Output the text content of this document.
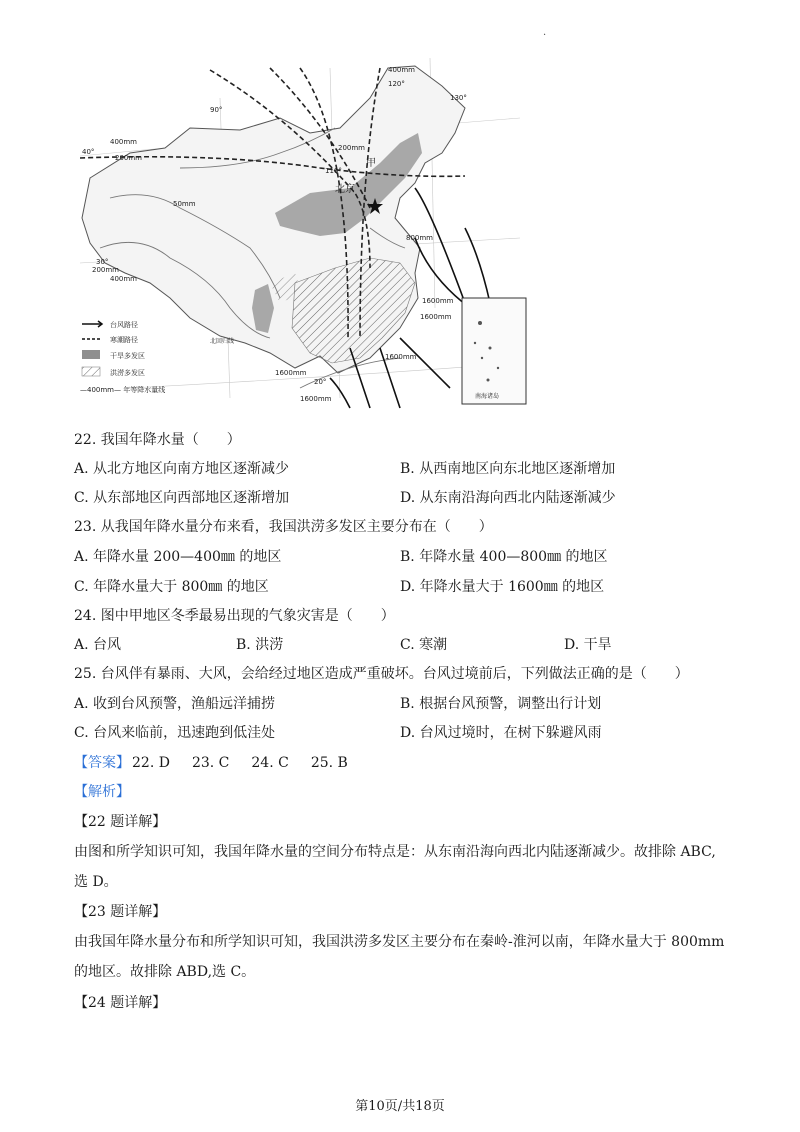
·
台风路径
寒潮路径
干旱多发区
洪涝多发区
—400mm— 年等降水量线
400mm
120°
130°
90°
40°
400mm
200mm
200mm
110°
甲
北京
50mm
800mm
30°
200mm
400mm
1600mm
1600mm
1600mm
1600mm
20°
1600mm
北回归线
南海诸岛
22. 我国年降水量（　　）
A. 从北方地区向南方地区逐渐减少	B. 从西南地区向东北地区逐渐增加
C. 从东部地区向西部地区逐渐增加	D. 从东南沿海向西北内陆逐渐减少
23. 从我国年降水量分布来看，我国洪涝多发区主要分布在（　　）
A. 年降水量 200—400㎜ 的地区	B. 年降水量 400—800㎜ 的地区
C. 年降水量大于 800㎜ 的地区	D. 年降水量大于 1600㎜ 的地区
24. 图中甲地区冬季最易出现的气象灾害是（　　）
A. 台风	B. 洪涝	C. 寒潮	D. 干旱
25. 台风伴有暴雨、大风，会给经过地区造成严重破坏。台风过境前后，下列做法正确的是（　　）
A. 收到台风预警，渔船远洋捕捞	B. 根据台风预警，调整出行计划
C. 台风来临前，迅速跑到低洼处	D. 台风过境时，在树下躲避风雨
【答案】 22. D 23. C 24. C 25. B
【解析】
【22 题详解】
由图和所学知识可知，我国年降水量的空间分布特点是：从东南沿海向西北内陆逐渐减少。故排除 ABC,
选 D。
【23 题详解】
由我国年降水量分布和所学知识可知，我国洪涝多发区主要分布在秦岭-淮河以南，年降水量大于 800mm
的地区。故排除 ABD,选 C。
【24 题详解】
第10页/共18页
